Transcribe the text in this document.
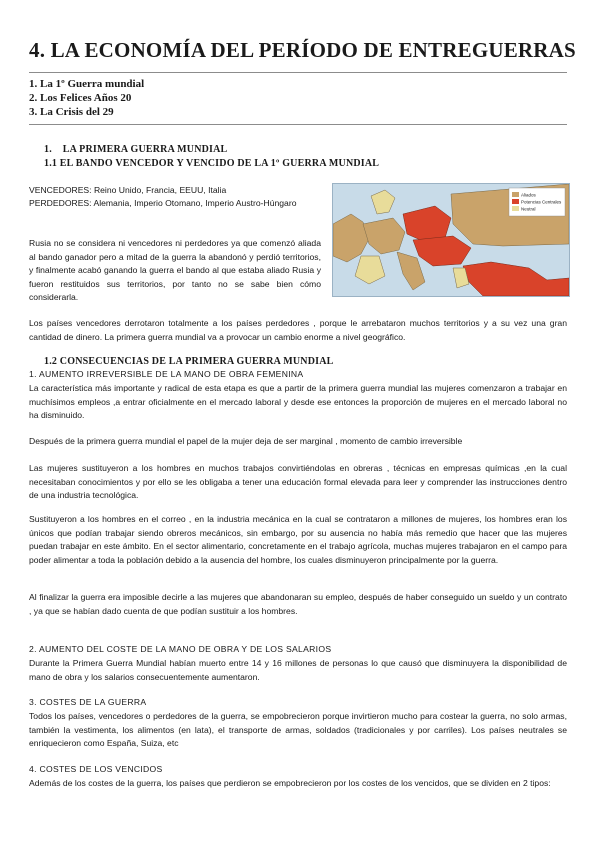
4. LA ECONOMÍA DEL PERÍODO DE ENTREGUERRAS
1. La 1º Guerra mundial
2. Los Felices Años 20
3. La Crisis del 29
1.    LA PRIMERA GUERRA MUNDIAL
1.1 EL BANDO VENCEDOR Y VENCIDO DE LA 1º GUERRA MUNDIAL
VENCEDORES: Reino Unido, Francia, EEUU, Italia
PERDEDORES: Alemania, Imperio Otomano, Imperio Austro-Húngaro
Rusia no se considera ni vencedores ni perdedores ya que comenzó aliada al bando ganador pero a mitad de la guerra la abandonó y perdió territorios, y finalmente acabó ganando la guerra el bando al que estaba aliado Rusia y fueron restituidos sus territorios, por tanto no se sabe bien cómo considerarla.
Aliados
Potencias Centrales
Neutral
Los países vencedores derrotaron totalmente a los países perdedores , porque le arrebataron muchos territorios y a su vez una gran cantidad de dinero. La primera guerra mundial va a provocar un cambio enorme a nivel geográfico.
1.2 CONSECUENCIAS DE LA PRIMERA GUERRA MUNDIAL
1. AUMENTO IRREVERSIBLE DE LA MANO DE OBRA FEMENINA
La característica más importante y radical de esta etapa es que a partir de la primera guerra mundial las mujeres comenzaron a trabajar en muchísimos empleos ,a entrar oficialmente en el mercado laboral y desde ese entonces la proporción de mujeres en el mercado laboral no ha disminuido.
Después de la primera guerra mundial el papel de la mujer deja de ser marginal , momento de cambio irreversible
Las mujeres sustituyeron a los hombres en muchos trabajos convirtiéndolas en obreras , técnicas en empresas químicas ,en la cual necesitaban conocimientos y por ello se les obligaba a tener una educación formal elevada para leer y comprender las instrucciones dentro de una industria tecnológica.
Sustituyeron a los hombres en el correo , en la industria mecánica en la cual se contrataron a millones de mujeres, los hombres eran los únicos que podían trabajar siendo obreros mecánicos, sin embargo, por su ausencia no había más remedio que hacer que las mujeres puedan trabajar en este ámbito. En el sector alimentario, concretamente en el trabajo agrícola, muchas mujeres trabajaron en el campo para poder alimentar a toda la población debido a la ausencia del hombre, los cuales disminuyeron principalmente por la guerra.
Al finalizar la guerra era imposible decirle a las mujeres que abandonaran su empleo, después de haber conseguido un sueldo y un contrato , ya que se habían dado cuenta de que podían sustituir a los hombres.
2. AUMENTO DEL COSTE DE LA MANO DE OBRA Y DE LOS SALARIOS
Durante la Primera Guerra Mundial habían muerto entre 14 y 16 millones de personas lo que causó que disminuyera la disponibilidad de mano de obra y los salarios consecuentemente aumentaron.
3. COSTES DE LA GUERRA
Todos los países, vencedores o perdedores de la guerra, se empobrecieron porque invirtieron mucho para costear la guerra, no solo armas, también la vestimenta, los alimentos (en lata), el transporte de armas, soldados (tradicionales y por carriles). Los países neutrales se enriquecieron como España, Suiza, etc
4. COSTES DE LOS VENCIDOS
Además de los costes de la guerra, los países que perdieron se empobrecieron por los costes de los vencidos, que se dividen en 2 tipos:
